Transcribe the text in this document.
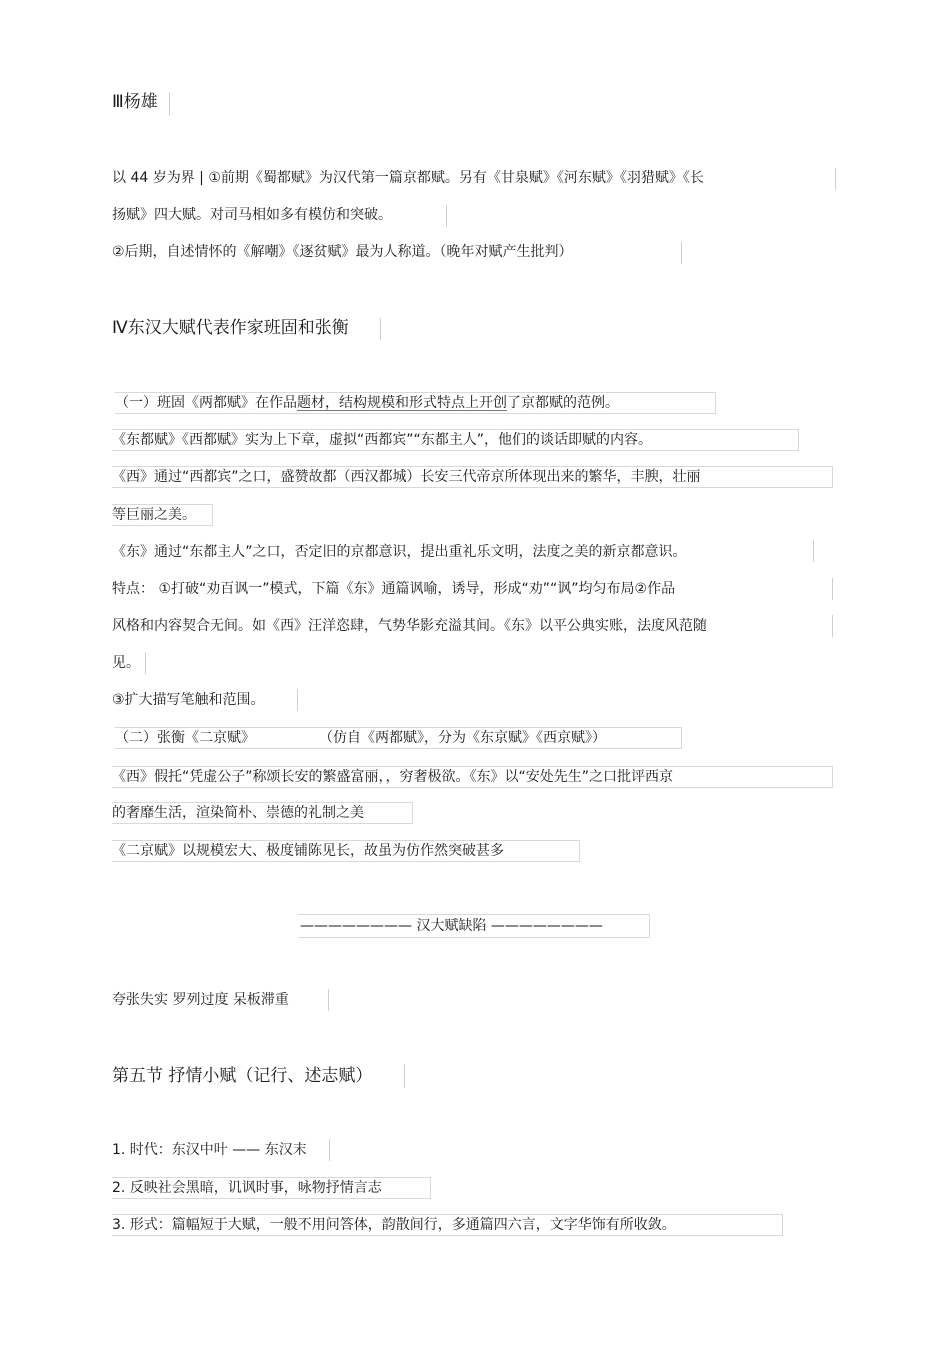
Ⅲ杨雄
以 44 岁为界 | ①前期《蜀都赋》为汉代第一篇京都赋。另有《甘泉赋》《河东赋》《羽猎赋》《长
扬赋》四大赋。对司马相如多有模仿和突破。
②后期，自述情怀的《解嘲》《逐贫赋》最为人称道。（晚年对赋产生批判）
Ⅳ东汉大赋代表作家班固和张衡
（一）班固《两都赋》在作品题材，结构规模和形式特点上开创了京都赋的范例。
《东都赋》《西都赋》实为上下章，虚拟“西都宾”“东都主人”，他们的谈话即赋的内容。
《西》通过“西都宾”之口，盛赞故都（西汉都城）长安三代帝京所体现出来的繁华，丰腴，壮丽
等巨丽之美。
《东》通过“东都主人”之口，否定旧的京都意识，提出重礼乐文明，法度之美的新京都意识。
特点： ①打破“劝百讽一”模式，下篇《东》通篇讽喻，诱导，形成“劝”“讽”均匀布局②作品
风格和内容契合无间。如《西》汪洋恣肆，气势华影充溢其间。《东》以平公典实账，法度风范随
见。
③扩大描写笔触和范围。
（二）张衡《二京赋》	（仿自《两都赋》，分为《东京赋》《西京赋》）
《西》假托“凭虚公子”称颂长安的繁盛富丽，，穷奢极欲。《东》以“安处先生”之口批评西京
的奢靡生活，渲染简朴、崇德的礼制之美
《二京赋》以规模宏大、极度铺陈见长，故虽为仿作然突破甚多
———————— 汉大赋缺陷 ————————
夸张失实 罗列过度 呆板滞重
第五节 抒情小赋（记行、述志赋）
1. 时代：东汉中叶 —— 东汉末
2. 反映社会黑暗，讥讽时事，咏物抒情言志
3. 形式：篇幅短于大赋，一般不用问答体，韵散间行，多通篇四六言，文字华饰有所收敛。
